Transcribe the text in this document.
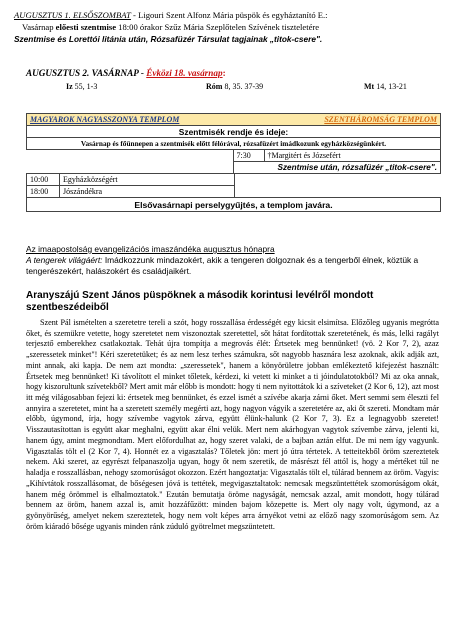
AUGUSZTUS 1. ELSŐSZOMBAT - Ligouri Szent Alfonz Mária püspök és egyháztanító E.:
Vasárnap előesti szentmise 18:00 órakor Szűz Mária Szeplőtelen Szívének tiszteletére
Szentmise és Lorettói litánia után, Rózsafüzér Társulat tagjainak „titok-csere".
AUGUSZTUS 2. VASÁRNAP - Évközi 18. vasárnap:
Iz 55, 1-3	Róm 8, 35. 37-39	Mt 14, 13-21
MAGYAROK NAGYASSZONYA TEMPLOM	SZENTHÁROMSÁG TEMPLOM	
Szentmisék rendje és ideje:		
Vasárnap és főünnepen a szentmisék előtt félórával, rózsafüzért imádkozunk egyházközségünkért.		
	7:30	†Margitért és Józsefért
	Szentmise után, rózsafüzér „titok-csere".	
10:00	Egyházközségért	
18:00	Jószándékra	
Elsővasárnapi perselygyűjtés, a templom javára.		
Az imaapostolság evangelizációs imaszándéka augusztus hónapra
A tengerek világáért: Imádkozzunk mindazokért, akik a tengeren dolgoznak és a tengerből élnek, köztük a tengerészekért, halászokért és családjaikért.
Aranyszájú Szent János püspöknek a második korintusi levélről mondott szentbeszédeiből

Szent Pál ismételten a szeretetre tereli a szót, hogy rosszallása érdességét egy kicsit elsimítsa. Előzőleg ugyanis megrótta őket, és szemükre vetette, hogy szeretetet nem viszonoztak szeretettel, sőt hátat fordítottak szeretetének, és más, lelki ragályt terjesztő emberekhez csatlakoztak. Tehát újra tompítja a megrovás élét: Értsetek meg bennünket! (vö. 2 Kor 7, 2), azaz „szeressetek minket"! Kéri szeretetüket; és az nem lesz terhes számukra, sőt nagyobb hasznára lesz azoknak, akik adják azt, mint annak, aki kapja. De nem azt mondta: „szeressetek", hanem a könyörületre jobban emlékeztető kifejezést használt: Értsetek meg bennünket! Ki távolított el minket tőletek, kérdezi, ki vetett ki minket a ti jóindulatotokból? Mi az oka annak, hogy kiszorultunk szívetekből? Mert amit már előbb is mondott: hogy ti nem nyitottátok ki a szíveteket (2 Kor 6, 12), azt most itt még világosabban fejezi ki: értsetek meg bennünket, és ezzel ismét a szívébe akarja zárni őket. Mert semmi sem éleszti fel annyira a szeretetet, mint ha a szeretett személy megérti azt, hogy nagyon vágyik a szeretetére az, aki őt szereti. Mondtam már előbb, úgymond, írja, hogy szívembe vagytok zárva, együtt élünk-halunk (2 Kor 7, 3). Ez a legnagyobb szeretet! Visszautasítottan is együtt akar meghalni, együtt akar élni velük. Mert nem akárhogyan vagytok szívembe zárva, jelenti ki, hanem úgy, amint megmondtam. Mert előfordulhat az, hogy szeret valaki, de a bajban aztán elfut. De mi nem így vagyunk. Vigasztalás tölt el (2 Kor 7, 4). Honnét ez a vigasztalás? Tőletek jön: mert jó útra tértetek. A tetteitekből öröm szereztetek nekem. Aki szeret, az egyrészt felpanaszolja ugyan, hogy őt nem szeretik, de másrészt fél attól is, hogy a mértéket túl ne haladja e rosszallásban, nehogy szomorúságot okozzon. Ezért hangoztatja: Vigasztalás tölt el, túlárad bennem az öröm. Vagyis: „Kihívtátok rosszallásomat, de bőségesen jóvá is tettétek, megvigasztaltatok: nemcsak megszüntettétek szomorúságom okát, hanem még örömmel is elhalmoztatok." Ezután bemutatja öröme nagyságát, nemcsak azzal, amit mondott, hogy túlárad bennem az öröm, hanem azzal is, amit hozzáfűzött: minden bajom közepette is. Mert oly nagy volt, úgymond, az a gyönyörűség, amelyet nekem szereztetek, hogy nem volt képes arra árnyékot vetni az előző nagy szomorúságom sem. Az öröm kiáradó bősége ugyanis minden ránk zúduló gyötrelmet megszüntetett.
